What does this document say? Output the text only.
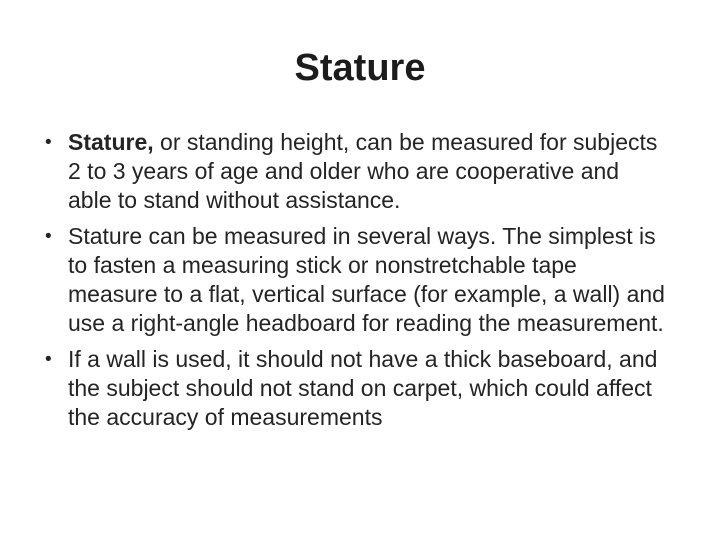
Stature
• Stature, or standing height, can be measured for subjects 2 to 3 years of age and older who are cooperative and able to stand without assistance.
• Stature can be measured in several ways. The simplest is to fasten a measuring stick or nonstretchable tape measure to a flat, vertical surface (for example, a wall) and use a right-angle headboard for reading the measurement.
• If a wall is used, it should not have a thick baseboard, and the subject should not stand on carpet, which could affect the accuracy of measurements
